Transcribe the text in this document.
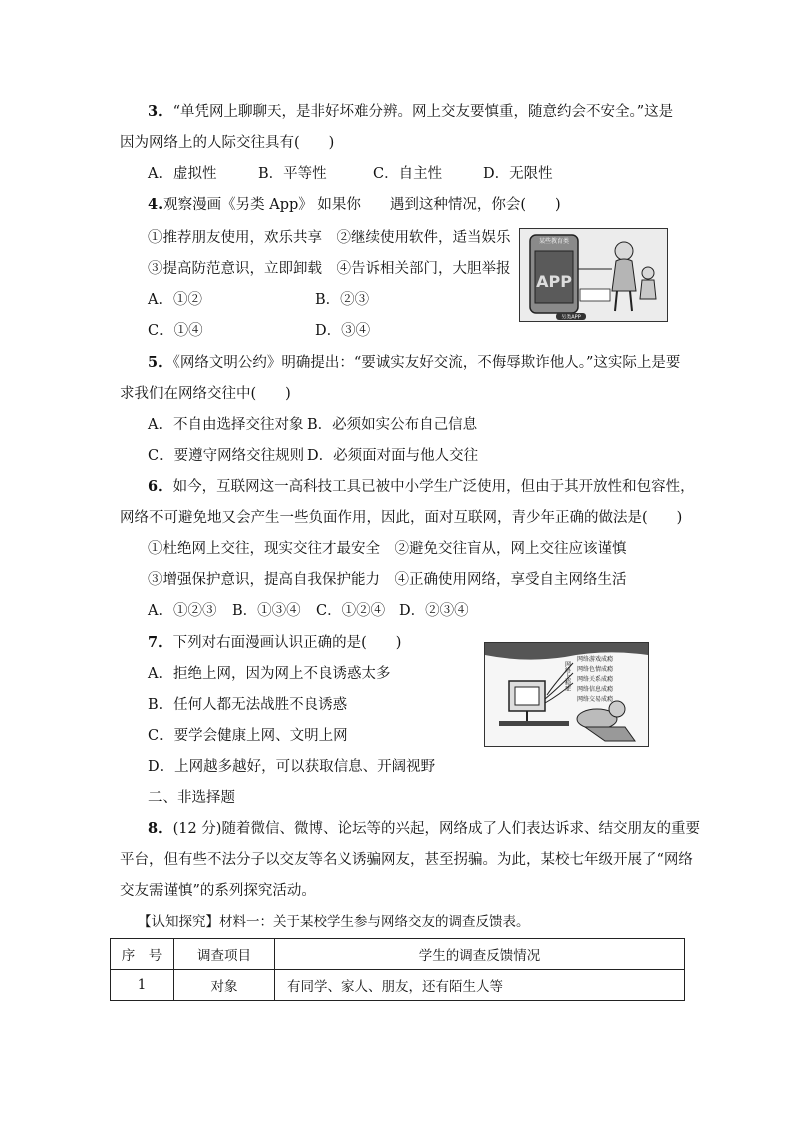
3．“单凭网上聊聊天，是非好坏难分辨。网上交友要慎重，随意约会不安全。”这是
因为网络上的人际交往具有(　　)
A．虚拟性	B．平等性	C．自主性	D．无限性
4.观察漫画《另类 App》 如果你　　遇到这种情况，你会(　　)
①推荐朋友使用，欢乐共享　②继续使用软件，适当娱乐
③提高防范意识，立即卸载　④告诉相关部门，大胆举报
A．①②	B．②③
C．①④	D．③④
某些教育类
APP
另类APP
5．《网络文明公约》明确提出：“要诚实友好交流，不侮辱欺诈他人。”这实际上是要
求我们在网络交往中(　　)
A．不自由选择交往对象 B．必须如实公布自己信息
C．要遵守网络交往规则 D．必须面对面与他人交往
6．如今，互联网这一高科技工具已被中小学生广泛使用，但由于其开放性和包容性，
网络不可避免地又会产生一些负面作用，因此，面对互联网，青少年正确的做法是(　　)
①杜绝网上交往，现实交往才最安全　②避免交往盲从，网上交往应该谨慎
③增强保护意识，提高自我保护能力　④正确使用网络，享受自主网络生活
A．①②③ B．①③④ C．①②④ D．②③④
7．下列对右面漫画认识正确的是(　　)
A．拒绝上网，因为网上不良诱惑太多
B．任何人都无法战胜不良诱惑
C．要学会健康上网、文明上网
D．上网越多越好，可以获取信息、开阔视野
网络上瘾症
网络游戏成瘾
网络色情成瘾
网络关系成瘾
网络信息成瘾
网络交易成瘾
二、非选择题
8．(12 分)随着微信、微博、论坛等的兴起，网络成了人们表达诉求、结交朋友的重要
平台，但有些不法分子以交友等名义诱骗网友，甚至拐骗。为此，某校七年级开展了“网络
交友需谨慎”的系列探究活动。
【认知探究】材料一：关于某校学生参与网络交友的调查反馈表。
序　号	调查项目	学生的调查反馈情况
1	对象	有同学、家人、朋友，还有陌生人等
